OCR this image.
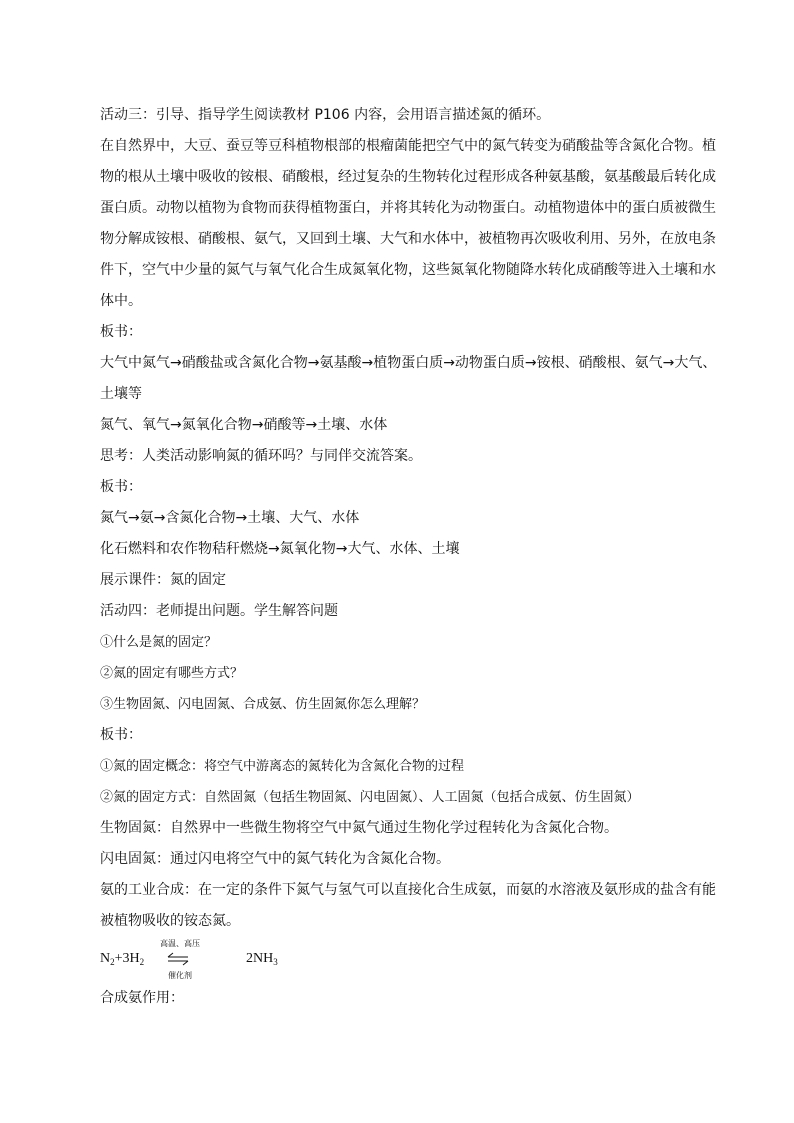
活动三：引导、指导学生阅读教材 P106 内容，会用语言描述氮的循环。
在自然界中，大豆、蚕豆等豆科植物根部的根瘤菌能把空气中的氮气转变为硝酸盐等含氮化合物。植
物的根从土壤中吸收的铵根、硝酸根，经过复杂的生物转化过程形成各种氨基酸，氨基酸最后转化成
蛋白质。动物以植物为食物而获得植物蛋白，并将其转化为动物蛋白。动植物遗体中的蛋白质被微生
物分解成铵根、硝酸根、氨气，又回到土壤、大气和水体中，被植物再次吸收利用、另外，在放电条
件下，空气中少量的氮气与氧气化合生成氮氧化物，这些氮氧化物随降水转化成硝酸等进入土壤和水
体中。
板书：
大气中氮气→硝酸盐或含氮化合物→氨基酸→植物蛋白质→动物蛋白质→铵根、硝酸根、氨气→大气、
土壤等
氮气、氧气→氮氧化合物→硝酸等→土壤、水体
思考：人类活动影响氮的循环吗？与同伴交流答案。
板书：
氮气→氨→含氮化合物→土壤、大气、水体
化石燃料和农作物秸秆燃烧→氮氧化物→大气、水体、土壤
展示课件：氮的固定
活动四：老师提出问题。学生解答问题
①什么是氮的固定？
②氮的固定有哪些方式？
③生物固氮、闪电固氮、合成氨、仿生固氮你怎么理解？
板书：
①氮的固定概念：将空气中游离态的氮转化为含氮化合物的过程
②氮的固定方式：自然固氮（包括生物固氮、闪电固氮）、人工固氮（包括合成氨、仿生固氮）
生物固氮：自然界中一些微生物将空气中氮气通过生物化学过程转化为含氮化合物。
闪电固氮：通过闪电将空气中的氮气转化为含氮化合物。
氨的工业合成：在一定的条件下氮气与氢气可以直接化合生成氨，而氨的水溶液及氨形成的盐含有能
被植物吸收的铵态氮。
$N_2+3H_2$
高温、高压
催化剂
$2NH_3$
合成氨作用：
